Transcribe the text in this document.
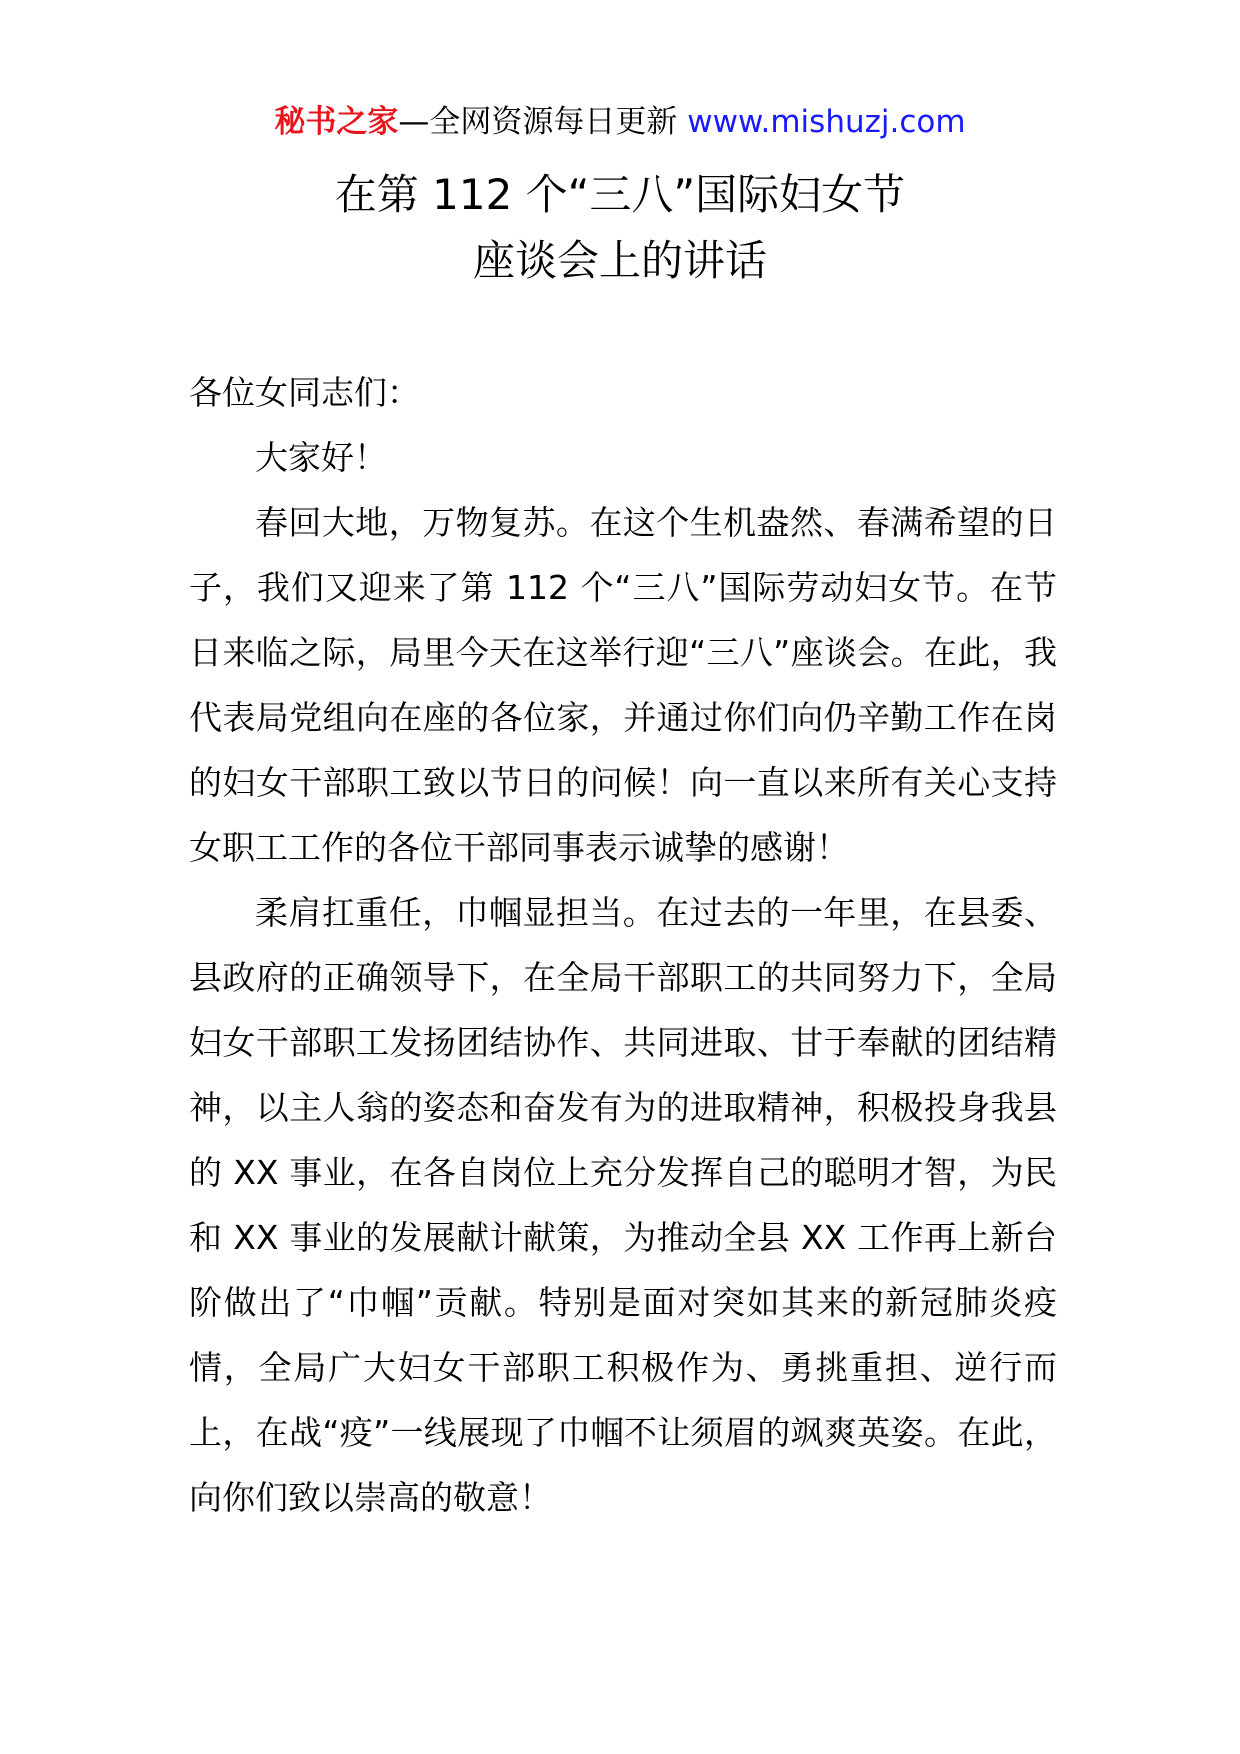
秘书之家—全网资源每日更新 www.mishuzj.com
在第 112 个“三八”国际妇女节
座谈会上的讲话

各位女同志们：

大家好！

春回大地，万物复苏。在这个生机盎然、春满希望的日子，我们又迎来了第 112 个“三八”国际劳动妇女节。在节日来临之际，局里今天在这举行迎“三八”座谈会。在此，我代表局党组向在座的各位家，并通过你们向仍辛勤工作在岗的妇女干部职工致以节日的问候！向一直以来所有关心支持女职工工作的各位干部同事表示诚挚的感谢！

柔肩扛重任，巾帼显担当。在过去的一年里，在县委、县政府的正确领导下，在全局干部职工的共同努力下，全局妇女干部职工发扬团结协作、共同进取、甘于奉献的团结精神，以主人翁的姿态和奋发有为的进取精神，积极投身我县的 XX 事业，在各自岗位上充分发挥自己的聪明才智，为民和 XX 事业的发展献计献策，为推动全县 XX 工作再上新台阶做出了“巾帼”贡献。特别是面对突如其来的新冠肺炎疫情，全局广大妇女干部职工积极作为、勇挑重担、逆行而上，在战“疫”一线展现了巾帼不让须眉的飒爽英姿。在此，向你们致以崇高的敬意！
